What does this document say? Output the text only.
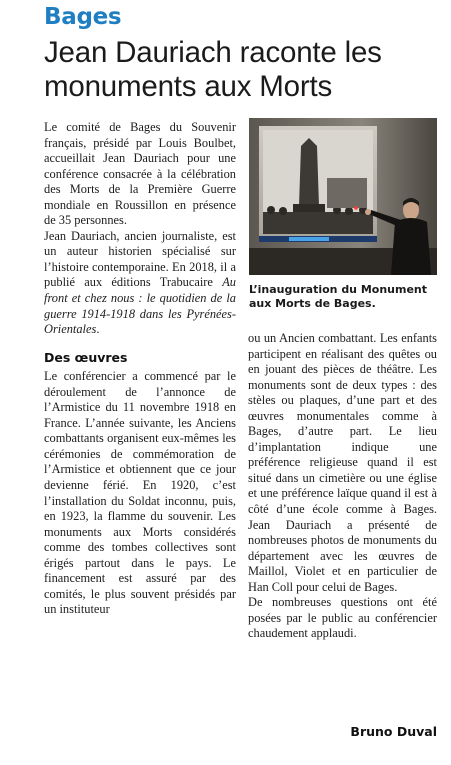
Bages
Jean Dauriach raconte les monuments aux Morts

Le comité de Bages du Souvenir français, présidé par Louis Boulbet, accueillait Jean Dauriach pour une conférence consacrée à la célébration des Morts de la Première Guerre mondiale en Roussillon en présence de 35 personnes.

Jean Dauriach, ancien journaliste, est un auteur historien spécialisé sur l’histoire contemporaine. En 2018, il a publié aux éditions Trabucaire Au front et chez nous : le quotidien de la guerre 1914-1918 dans les Pyrénées-Orientales.

Des œuvres

Le conférencier a commencé par le déroulement de l’annonce de l’Armistice du 11 novembre 1918 en France. L’année suivante, les Anciens combattants organisent eux-mêmes les cérémonies de commémoration de l’Armistice et obtiennent que ce jour devienne férié. En 1920, c’est l’installation du Soldat inconnu, puis, en 1923, la flamme du souvenir. Les monuments aux Morts considérés comme des tombes collectives sont érigés partout dans le pays. Le financement est assuré par des comités, le plus souvent présidés par un instituteur

L’inauguration du Monument aux Morts de Bages.

ou un Ancien combattant. Les enfants participent en réalisant des quêtes ou en jouant des pièces de théâtre. Les monuments sont de deux types : des stèles ou plaques, d’une part et des œuvres monumentales comme à Bages, d’autre part. Le lieu d’implantation indique une préférence religieuse quand il est situé dans un cimetière ou une église et une préférence laïque quand il est à côté d’une école comme à Bages. Jean Dauriach a présenté de nombreuses photos de monuments du département avec les œuvres de Maillol, Violet et en particulier de Han Coll pour celui de Bages.

De nombreuses questions ont été posées par le public au conférencier chaudement applaudi.

Bruno Duval
